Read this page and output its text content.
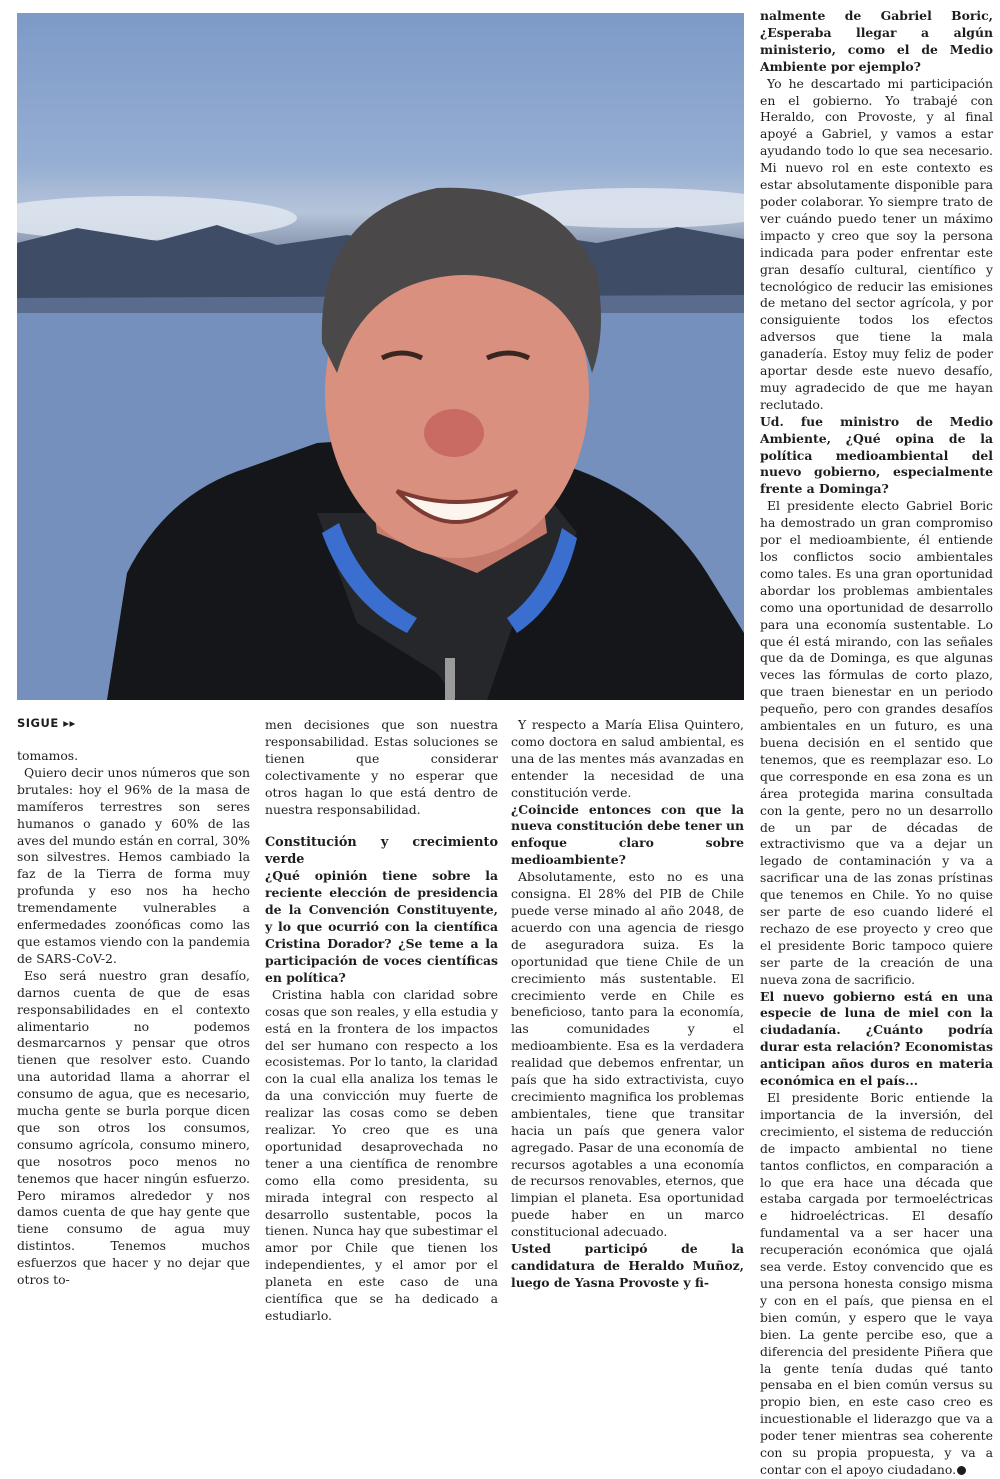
SIGUE ▸▸

tomamos.

Quiero decir unos números que son brutales: hoy el 96% de la masa de mamíferos terrestres son seres humanos o ganado y 60% de las aves del mundo están en corral, 30% son silvestres. Hemos cambiado la faz de la Tierra de forma muy profunda y eso nos ha hecho tremendamente vulnerables a enfermedades zoonóficas como las que estamos viendo con la pandemia de SARS-CoV-2.

Eso será nuestro gran desafío, darnos cuenta de que de esas responsabilidades en el contexto alimentario no podemos desmarcarnos y pensar que otros tienen que resolver esto. Cuando una autoridad llama a ahorrar el consumo de agua, que es necesario, mucha gente se burla porque dicen que son otros los consumos, consumo agrícola, consumo minero, que nosotros poco menos no tenemos que hacer ningún esfuerzo. Pero miramos alrededor y nos damos cuenta de que hay gente que tiene consumo de agua muy distintos. Tenemos muchos esfuerzos que hacer y no dejar que otros to-

men decisiones que son nuestra responsabilidad. Estas soluciones se tienen que considerar colectivamente y no esperar que otros hagan lo que está dentro de nuestra responsabilidad.

Constitución y crecimiento verde

¿Qué opinión tiene sobre la reciente elección de presidencia de la Convención Constituyente, y lo que ocurrió con la científica Cristina Dorador? ¿Se teme a la participación de voces científicas en política?

Cristina habla con claridad sobre cosas que son reales, y ella estudia y está en la frontera de los impactos del ser humano con respecto a los ecosistemas. Por lo tanto, la claridad con la cual ella analiza los temas le da una convicción muy fuerte de realizar las cosas como se deben realizar. Yo creo que es una oportunidad desaprovechada no tener a una científica de renombre como ella como presidenta, su mirada integral con respecto al desarrollo sustentable, pocos la tienen. Nunca hay que subestimar el amor por Chile que tienen los independientes, y el amor por el planeta en este caso de una científica que se ha dedicado a estudiarlo.

Y respecto a María Elisa Quintero, como doctora en salud ambiental, es una de las mentes más avanzadas en entender la necesidad de una constitución verde.

¿Coincide entonces con que la nueva constitución debe tener un enfoque claro sobre medioambiente?

Absolutamente, esto no es una consigna. El 28% del PIB de Chile puede verse minado al año 2048, de acuerdo con una agencia de riesgo de aseguradora suiza. Es la oportunidad que tiene Chile de un crecimiento más sustentable. El crecimiento verde en Chile es beneficioso, tanto para la economía, las comunidades y el medioambiente. Esa es la verdadera realidad que debemos enfrentar, un país que ha sido extractivista, cuyo crecimiento magnifica los problemas ambientales, tiene que transitar hacia un país que genera valor agregado. Pasar de una economía de recursos agotables a una economía de recursos renovables, eternos, que limpian el planeta. Esa oportunidad puede haber en un marco constitucional adecuado.

Usted participó de la candidatura de Heraldo Muñoz, luego de Yasna Provoste y fi-

nalmente de Gabriel Boric, ¿Esperaba llegar a algún ministerio, como el de Medio Ambiente por ejemplo?

Yo he descartado mi participación en el gobierno. Yo trabajé con Heraldo, con Provoste, y al final apoyé a Gabriel, y vamos a estar ayudando todo lo que sea necesario. Mi nuevo rol en este contexto es estar absolutamente disponible para poder colaborar. Yo siempre trato de ver cuándo puedo tener un máximo impacto y creo que soy la persona indicada para poder enfrentar este gran desafío cultural, científico y tecnológico de reducir las emisiones de metano del sector agrícola, y por consiguiente todos los efectos adversos que tiene la mala ganadería. Estoy muy feliz de poder aportar desde este nuevo desafío, muy agradecido de que me hayan reclutado.

Ud. fue ministro de Medio Ambiente, ¿Qué opina de la política medioambiental del nuevo gobierno, especialmente frente a Dominga?

El presidente electo Gabriel Boric ha demostrado un gran compromiso por el medioambiente, él entiende los conflictos socio ambientales como tales. Es una gran oportunidad abordar los problemas ambientales como una oportunidad de desarrollo para una economía sustentable. Lo que él está mirando, con las señales que da de Dominga, es que algunas veces las fórmulas de corto plazo, que traen bienestar en un periodo pequeño, pero con grandes desafíos ambientales en un futuro, es una buena decisión en el sentido que tenemos, que es reemplazar eso. Lo que corresponde en esa zona es un área protegida marina consultada con la gente, pero no un desarrollo de un par de décadas de extractivismo que va a dejar un legado de contaminación y va a sacrificar una de las zonas prístinas que tenemos en Chile. Yo no quise ser parte de eso cuando lideré el rechazo de ese proyecto y creo que el presidente Boric tampoco quiere ser parte de la creación de una nueva zona de sacrificio.

El nuevo gobierno está en una especie de luna de miel con la ciudadanía. ¿Cuánto podría durar esta relación? Economistas anticipan años duros en materia económica en el país...

El presidente Boric entiende la importancia de la inversión, del crecimiento, el sistema de reducción de impacto ambiental no tiene tantos conflictos, en comparación a lo que era hace una década que estaba cargada por termoeléctricas e hidroeléctricas. El desafío fundamental va a ser hacer una recuperación económica que ojalá sea verde. Estoy convencido que es una persona honesta consigo misma y con en el país, que piensa en el bien común, y espero que le vaya bien. La gente percibe eso, que a diferencia del presidente Piñera que la gente tenía dudas qué tanto pensaba en el bien común versus su propio bien, en este caso creo es incuestionable el liderazgo que va a poder tener mientras sea coherente con su propia propuesta, y va a contar con el apoyo ciudadano.
